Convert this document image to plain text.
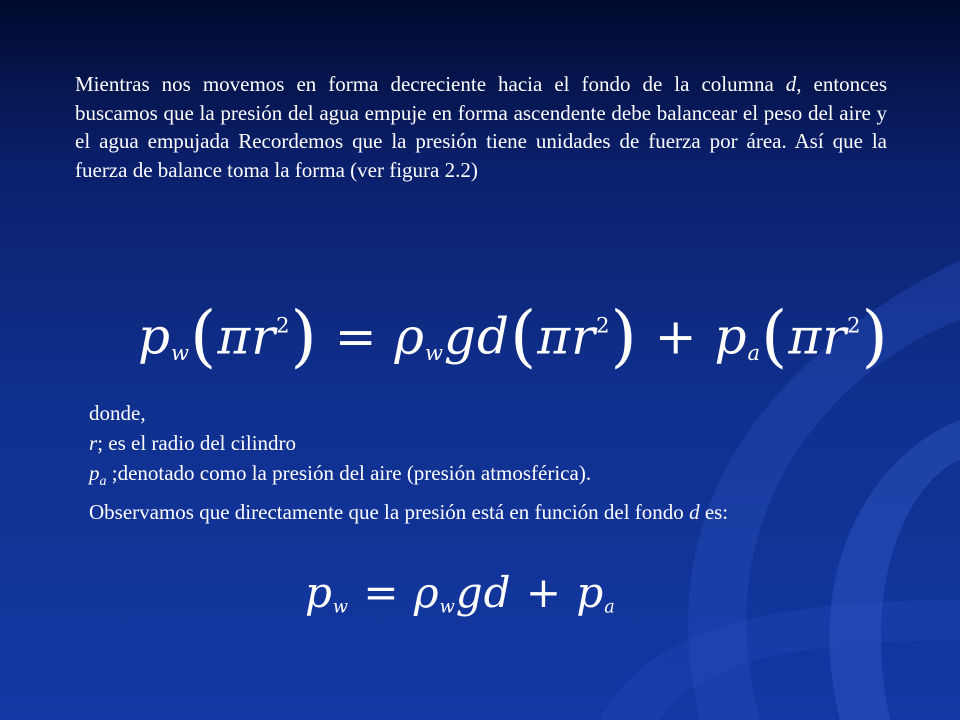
Mientras nos movemos en forma decreciente hacia el fondo de la columna d, entonces buscamos que la presión del agua empuje en forma ascendente debe balancear el peso del aire y el agua empujada Recordemos que la presión tiene unidades de fuerza por área. Así que la fuerza de balance toma la forma (ver figura 2.2)

$p_w(\pi r^2) = \rho_wgd(\pi r^2) + p_a(\pi r^2)$
donde,
r; es el radio del cilindro
$p_a$ ;denotado como la presión del aire (presión atmosférica).
Observamos que directamente que la presión está en función del fondo d es:
$p_w = \rho_wgd + p_a$
